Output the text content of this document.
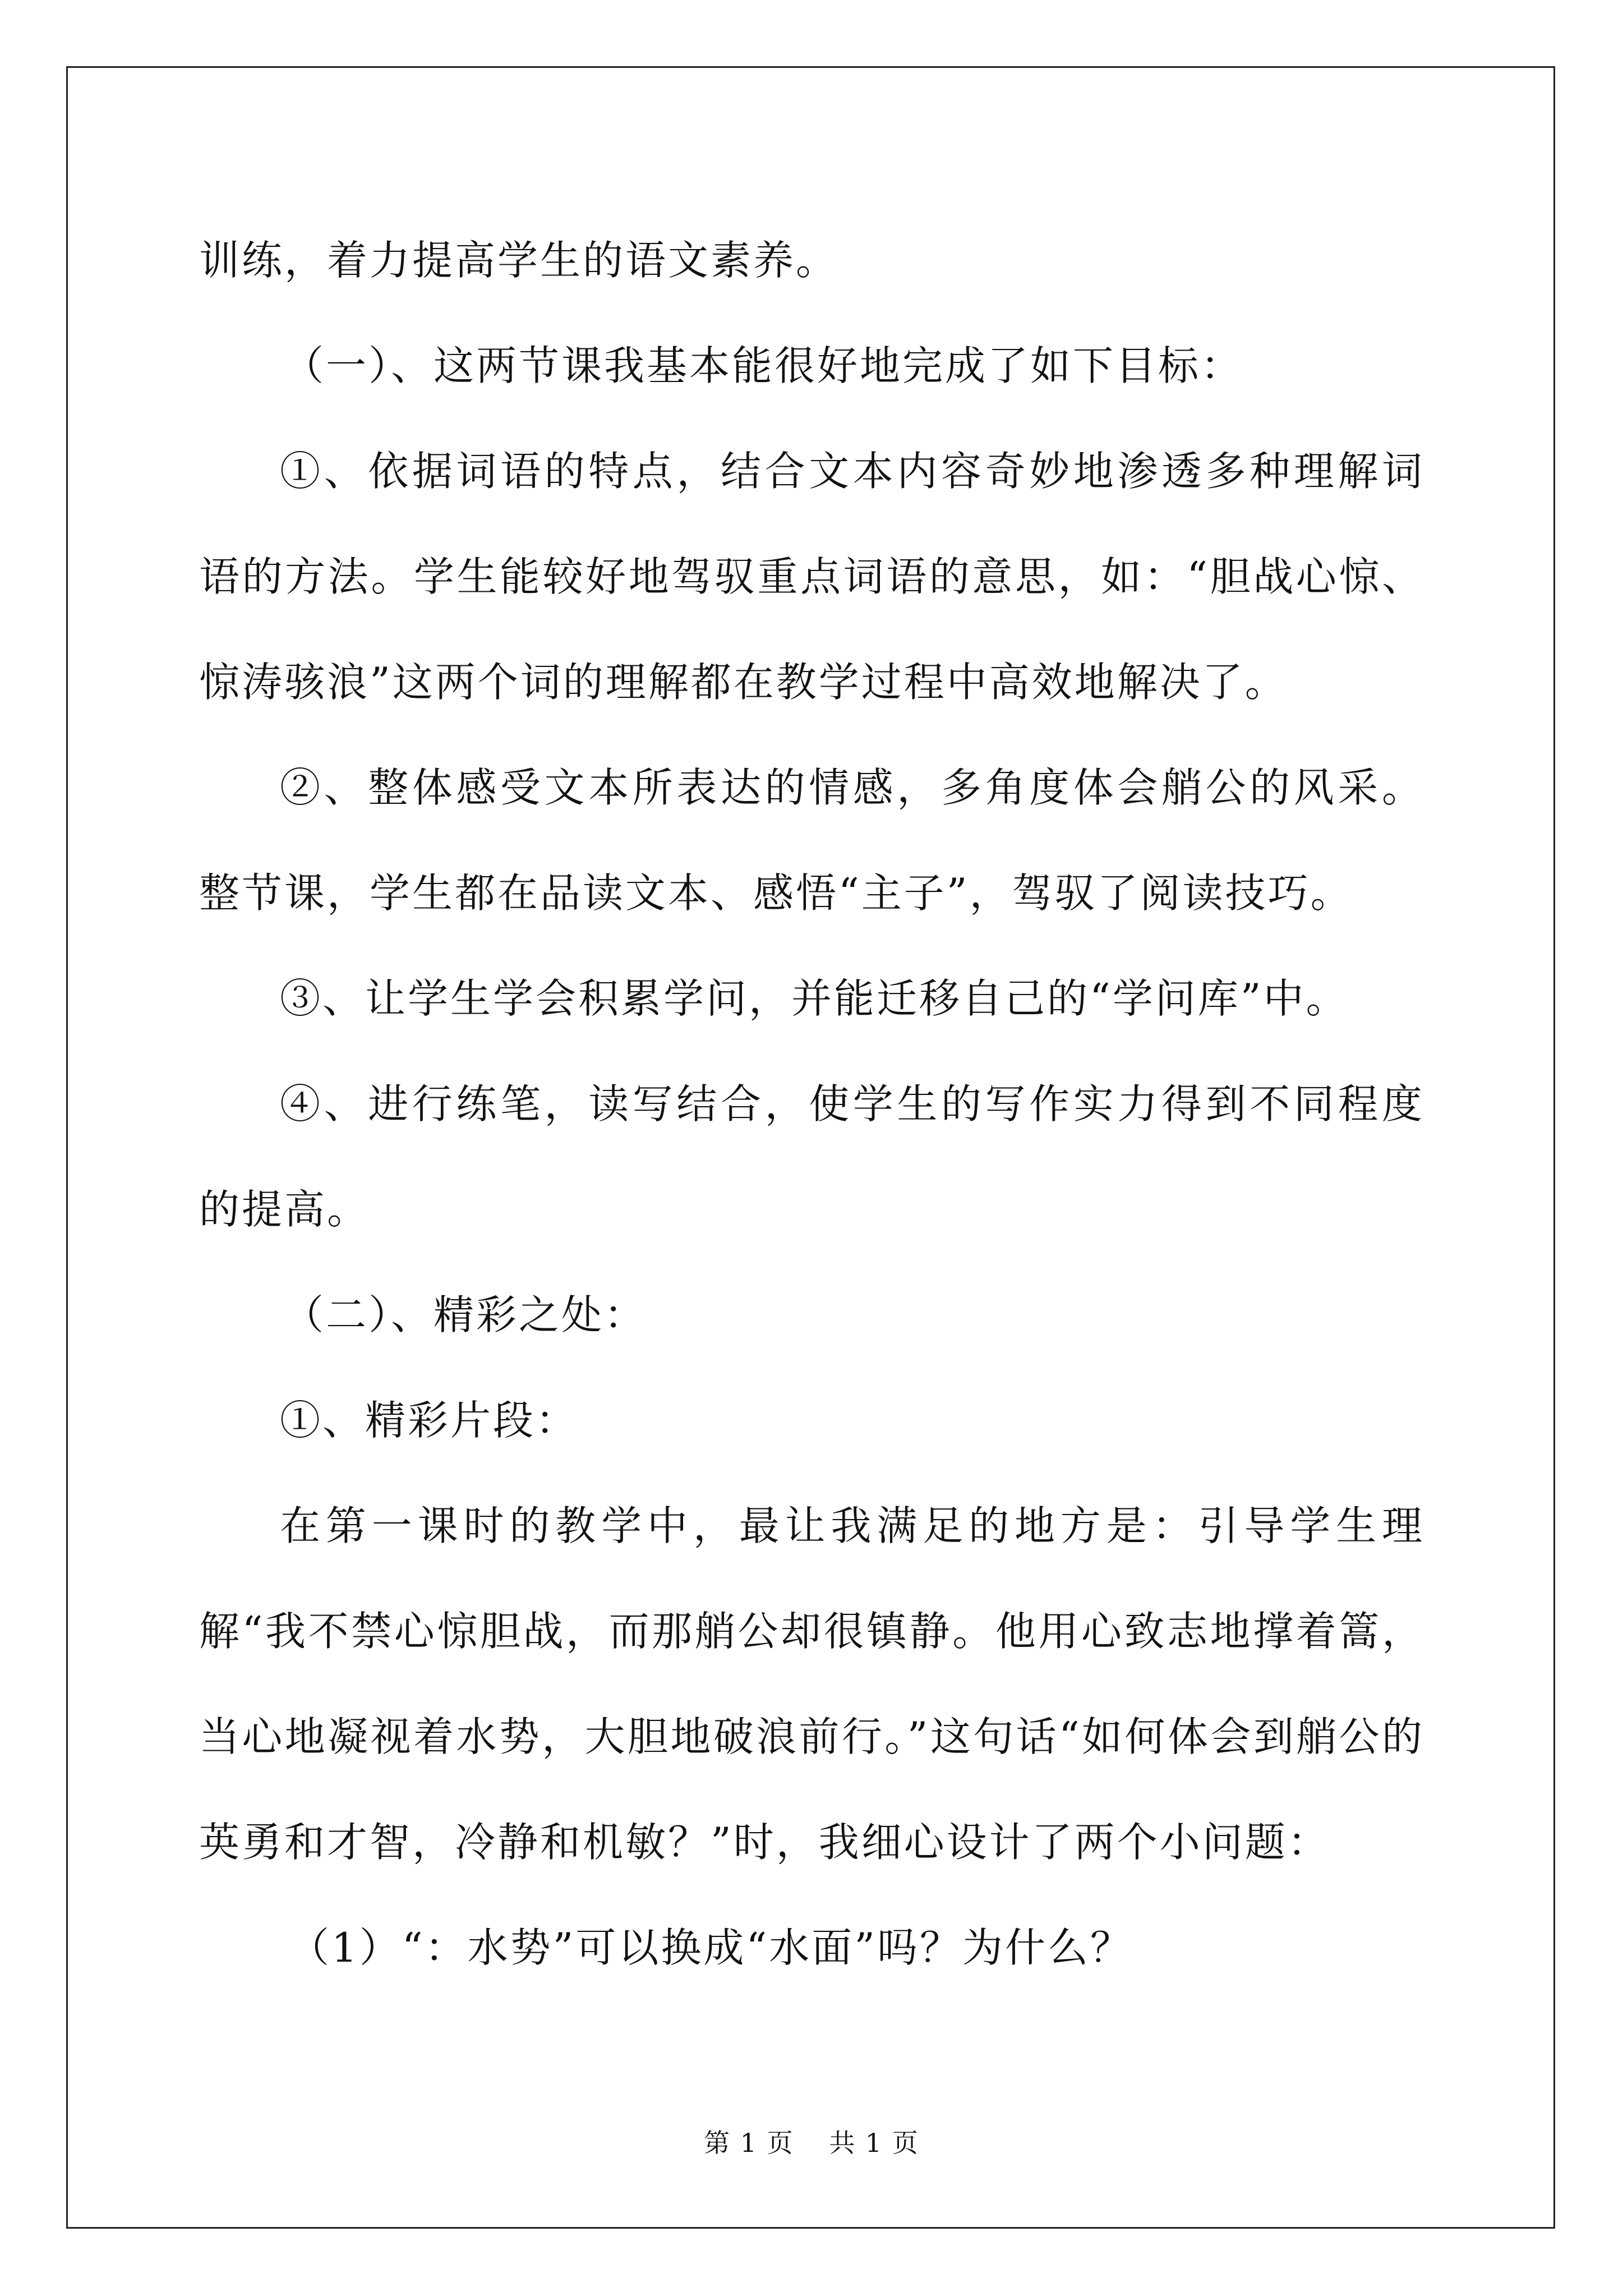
训练，着力提高学生的语文素养。

（一）、这两节课我基本能很好地完成了如下目标：

①、依据词语的特点，结合文本内容奇妙地渗透多种理解词语的方法。学生能较好地驾驭重点词语的意思，如：“胆战心惊、惊涛骇浪”这两个词的理解都在教学过程中高效地解决了。

②、整体感受文本所表达的情感，多角度体会艄公的风采。整节课，学生都在品读文本、感悟“主子”，驾驭了阅读技巧。

③、让学生学会积累学问，并能迁移自己的“学问库”中。

④、进行练笔，读写结合，使学生的写作实力得到不同程度的提高。

（二）、精彩之处：

①、精彩片段：

在第一课时的教学中，最让我满足的地方是：引导学生理解“我不禁心惊胆战，而那艄公却很镇静。他用心致志地撑着篙，当心地凝视着水势，大胆地破浪前行。”这句话“如何体会到艄公的英勇和才智，冷静和机敏？”时，我细心设计了两个小问题：

（1）“：水势”可以换成“水面”吗？为什么？

第 1 页 共 1 页
